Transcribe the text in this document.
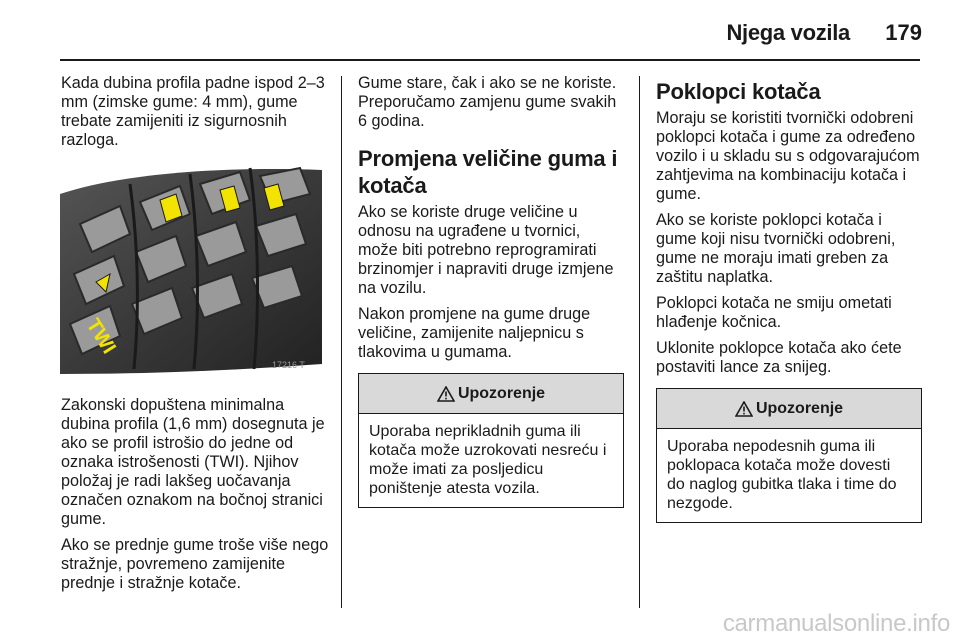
Njega vozila	179

Kada dubina profila padne ispod 2–3 mm (zimske gume: 4 mm), gume trebate zamijeniti iz sigurnosnih razloga.

TWI
17216 T

Zakonski dopuštena minimalna dubina profila (1,6 mm) dosegnuta je ako se profil istrošio do jedne od oznaka istrošenosti (TWI). Njihov položaj je radi lakšeg uočavanja označen oznakom na bočnoj stranici gume.

Ako se prednje gume troše više nego stražnje, povremeno zamijenite prednje i stražnje kotače.

Gume stare, čak i ako se ne koriste. Preporučamo zamjenu gume svakih 6 godina.

Promjena veličine guma i kotača

Ako se koriste druge veličine u odnosu na ugrađene u tvornici, može biti potrebno reprogramirati brzinomjer i napraviti druge izmjene na vozilu.

Nakon promjene na gume druge veličine, zamijenite naljepnicu s tlakovima u gumama.

Upozorenje
Uporaba neprikladnih guma ili kotača može uzrokovati nesreću i može imati za posljedicu poništenje atesta vozila.
Poklopci kotača

Moraju se koristiti tvornički odobreni poklopci kotača i gume za određeno vozilo i u skladu su s odgovarajućom zahtjevima na kombinaciju kotača i gume.

Ako se koriste poklopci kotača i gume koji nisu tvornički odobreni, gume ne moraju imati greben za zaštitu naplatka.

Poklopci kotača ne smiju ometati hlađenje kočnica.

Uklonite poklopce kotača ako ćete postaviti lance za snijeg.

Upozorenje
Uporaba nepodesnih guma ili poklopaca kotača može dovesti do naglog gubitka tlaka i time do nezgode.
carmanualsonline.info
